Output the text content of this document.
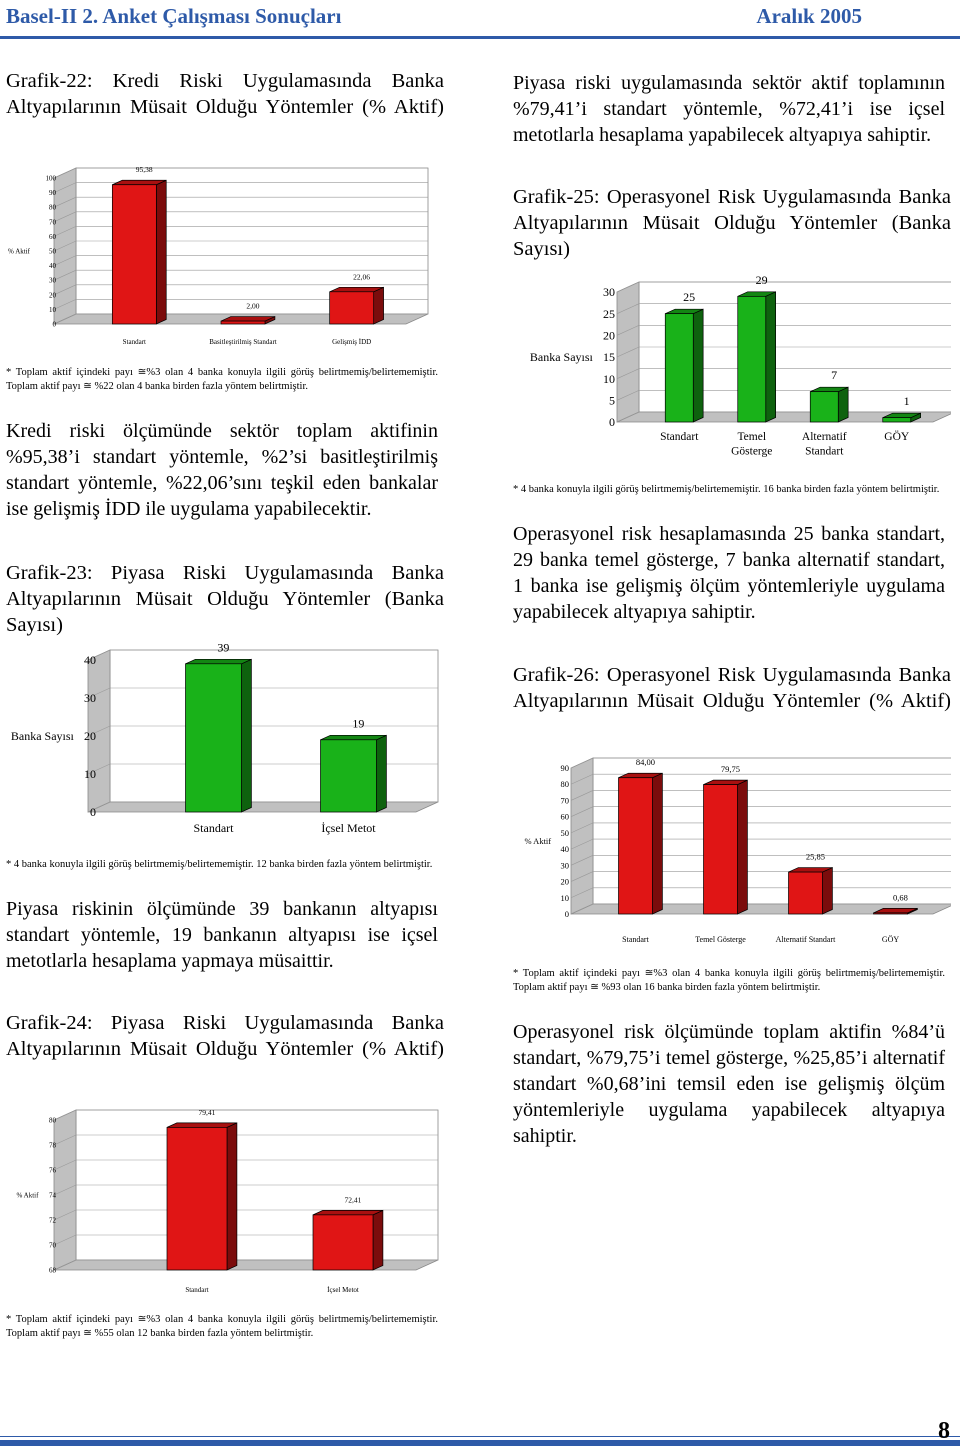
Basel-II 2. Anket Çalışması Sonuçları	Aralık 2005
Grafik-22: Kredi Riski Uygulamasında Banka Altyapılarının Müsait Olduğu Yöntemler (% Aktif)
0
10
20
30
40
50
60
70
80
90
100
% Aktif
95,38
Standart
2,00
Basitleştirilmiş Standart
22,06
Gelişmiş İDD
* Toplam aktif içindeki payı ≅%3 olan 4 banka konuyla ilgili görüş belirtmemiş/belirtememiştir. Toplam aktif payı ≅ %22 olan 4 banka birden fazla yöntem belirtmiştir.
Kredi riski ölçümünde sektör toplam aktifinin %95,38’i standart yöntemle, %2’si basitleştirilmiş standart yöntemle, %22,06’sını teşkil eden bankalar ise gelişmiş İDD ile uygulama yapabilecektir.
Grafik-23: Piyasa Riski Uygulamasında Banka Altyapılarının Müsait Olduğu Yöntemler (Banka Sayısı)
0
10
20
30
40
Banka Sayısı
39
Standart
19
İçsel Metot
* 4 banka konuyla ilgili görüş belirtmemiş/belirtememiştir. 12 banka birden fazla yöntem belirtmiştir.
Piyasa riskinin ölçümünde 39 bankanın altyapısı standart yöntemle, 19 bankanın altyapısı ise içsel metotlarla hesaplama yapmaya müsaittir.
Grafik-24: Piyasa Riski Uygulamasında Banka Altyapılarının Müsait Olduğu Yöntemler (% Aktif)
68
70
72
74
76
78
80
% Aktif
79,41
Standart
72,41
İçsel Metot
* Toplam aktif içindeki payı ≅%3 olan 4 banka konuyla ilgili görüş belirtmemiş/belirtememiştir. Toplam aktif payı ≅ %55 olan 12 banka birden fazla yöntem belirtmiştir.
Piyasa riski uygulamasında sektör aktif toplamının %79,41’i standart yöntemle, %72,41’i ise içsel metotlarla hesaplama yapabilecek altyapıya sahiptir.
Grafik-25: Operasyonel Risk Uygulamasında Banka Altyapılarının Müsait Olduğu Yöntemler (Banka Sayısı)
0
5
10
15
20
25
30
Banka Sayısı
25
Standart
29
Temel Gösterge
7
Alternatif Standart
1
GÖY
* 4 banka konuyla ilgili görüş belirtmemiş/belirtememiştir. 16 banka birden fazla yöntem belirtmiştir.
Operasyonel risk hesaplamasında 25 banka standart, 29 banka temel gösterge, 7 banka alternatif standart, 1 banka ise gelişmiş ölçüm yöntemleriyle uygulama yapabilecek altyapıya sahiptir.
Grafik-26: Operasyonel Risk Uygulamasında Banka Altyapılarının Müsait Olduğu Yöntemler (% Aktif)
0
10
20
30
40
50
60
70
80
90
% Aktif
84,00
Standart
79,75
Temel Gösterge
25,85
Alternatif Standart
0,68
GÖY
* Toplam aktif içindeki payı ≅%3 olan 4 banka konuyla ilgili görüş belirtmemiş/belirtememiştir. Toplam aktif payı ≅ %93 olan 16 banka birden fazla yöntem belirtmiştir.
Operasyonel risk ölçümünde toplam aktifin %84’ü standart, %79,75’i temel gösterge, %25,85’i alternatif standart %0,68’ini temsil eden ise gelişmiş ölçüm yöntemleriyle uygulama yapabilecek altyapıya sahiptir.
8
